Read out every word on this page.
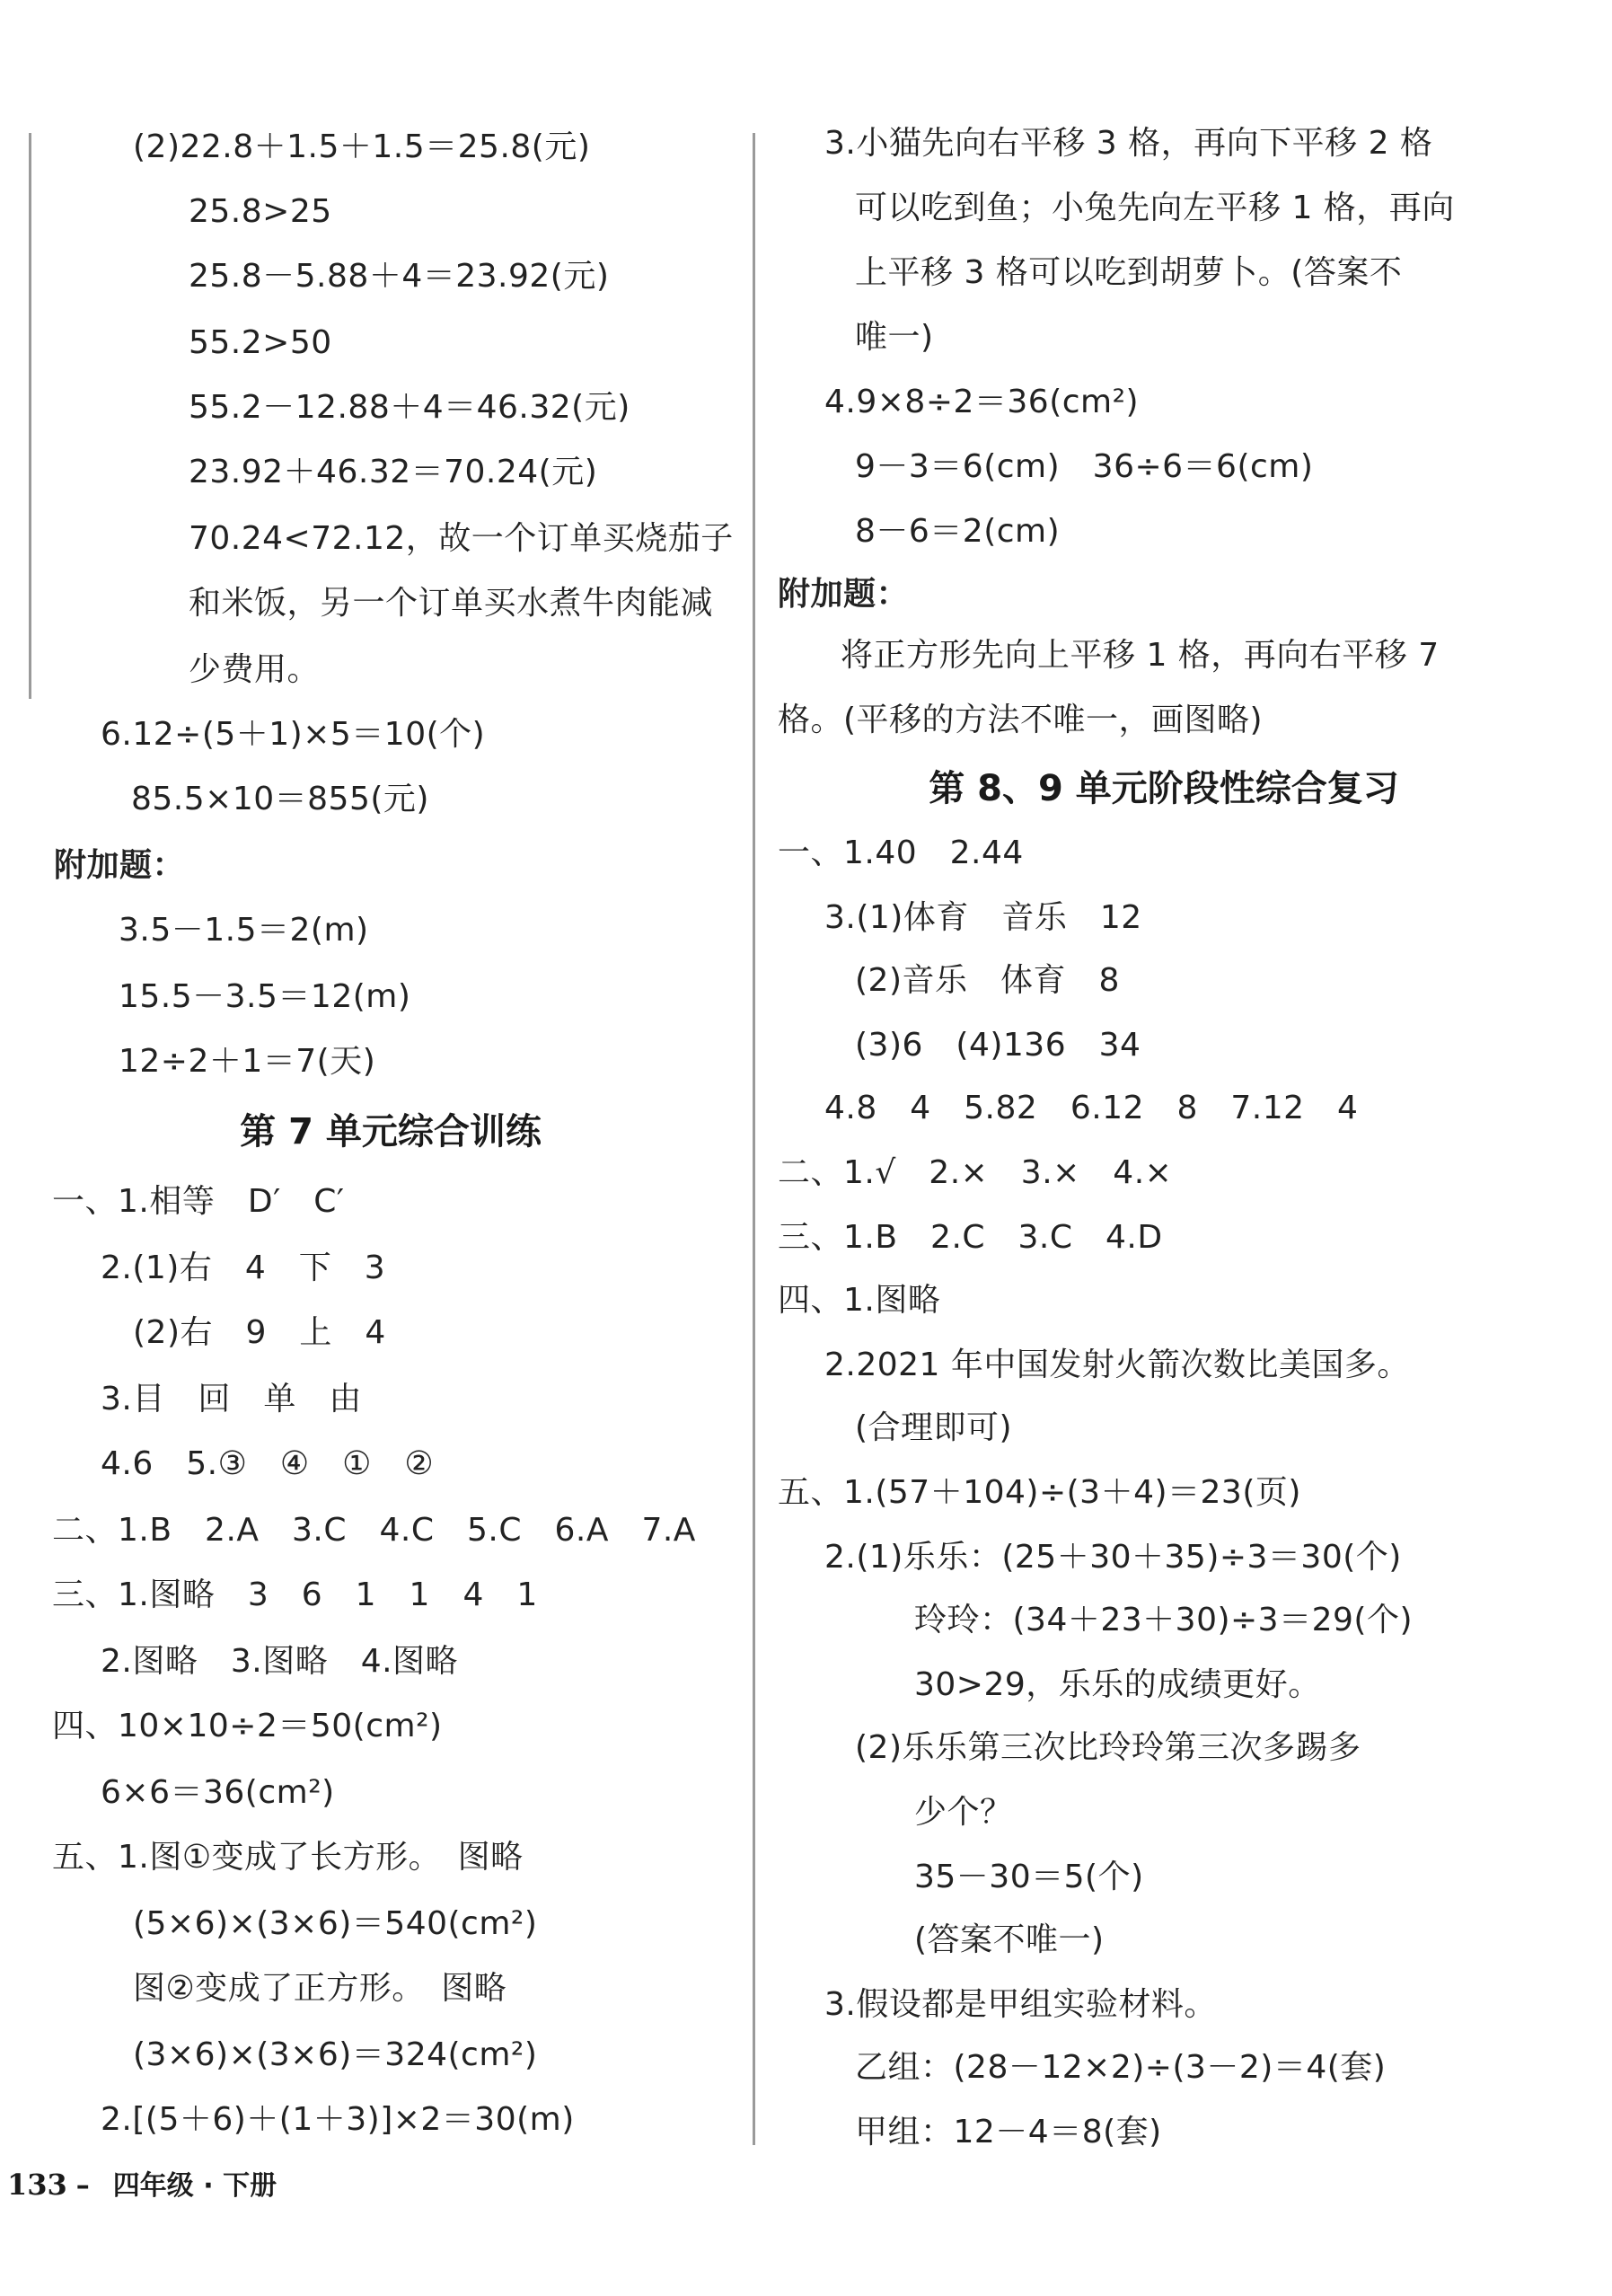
(2)22.8＋1.5＋1.5＝25.8(元)
25.8>25
25.8－5.88＋4＝23.92(元)
55.2>50
55.2－12.88＋4＝46.32(元)
23.92＋46.32＝70.24(元)
70.24<72.12，故一个订单买烧茄子
和米饭，另一个订单买水煮牛肉能减
少费用。
6.12÷(5＋1)×5＝10(个)
85.5×10＝855(元)
附加题：
3.5－1.5＝2(m)
15.5－3.5＝12(m)
12÷2＋1＝7(天)
第 7 单元综合训练
一、1.相等　D′　C′
2.(1)右　4　下　3
(2)右　9　上　4
3.目　回　单　由
4.6　5.③　④　①　②
二、1.B　2.A　3.C　4.C　5.C　6.A　7.A
三、1.图略　3　6　1　1　4　1
2.图略　3.图略　4.图略
四、10×10÷2＝50(cm²)
6×6＝36(cm²)
五、1.图①变成了长方形。　图略
(5×6)×(3×6)＝540(cm²)
图②变成了正方形。　图略
(3×6)×(3×6)＝324(cm²)
2.[(5＋6)＋(1＋3)]×2＝30(m)
3.小猫先向右平移 3 格，再向下平移 2 格
可以吃到鱼；小兔先向左平移 1 格，再向
上平移 3 格可以吃到胡萝卜。(答案不
唯一)
4.9×8÷2＝36(cm²)
9－3＝6(cm)　36÷6＝6(cm)
8－6＝2(cm)
附加题：
将正方形先向上平移 1 格，再向右平移 7
格。(平移的方法不唯一，画图略)
第 8、9 单元阶段性综合复习
一、1.40　2.44
3.(1)体育　音乐　12
(2)音乐　体育　8
(3)6　(4)136　34
4.8　4　5.82　6.12　8　7.12　4
二、1.√　2.×　3.×　4.×
三、1.B　2.C　3.C　4.D
四、1.图略
2.2021 年中国发射火箭次数比美国多。
(合理即可)
五、1.(57＋104)÷(3＋4)＝23(页)
2.(1)乐乐：(25＋30＋35)÷3＝30(个)
玲玲：(34＋23＋30)÷3＝29(个)
30>29，乐乐的成绩更好。
(2)乐乐第三次比玲玲第三次多踢多
少个？
35－30＝5(个)
(答案不唯一)
3.假设都是甲组实验材料。
乙组：(28－12×2)÷(3－2)＝4(套)
甲组：12－4＝8(套)
133 – 四年级 · 下册
